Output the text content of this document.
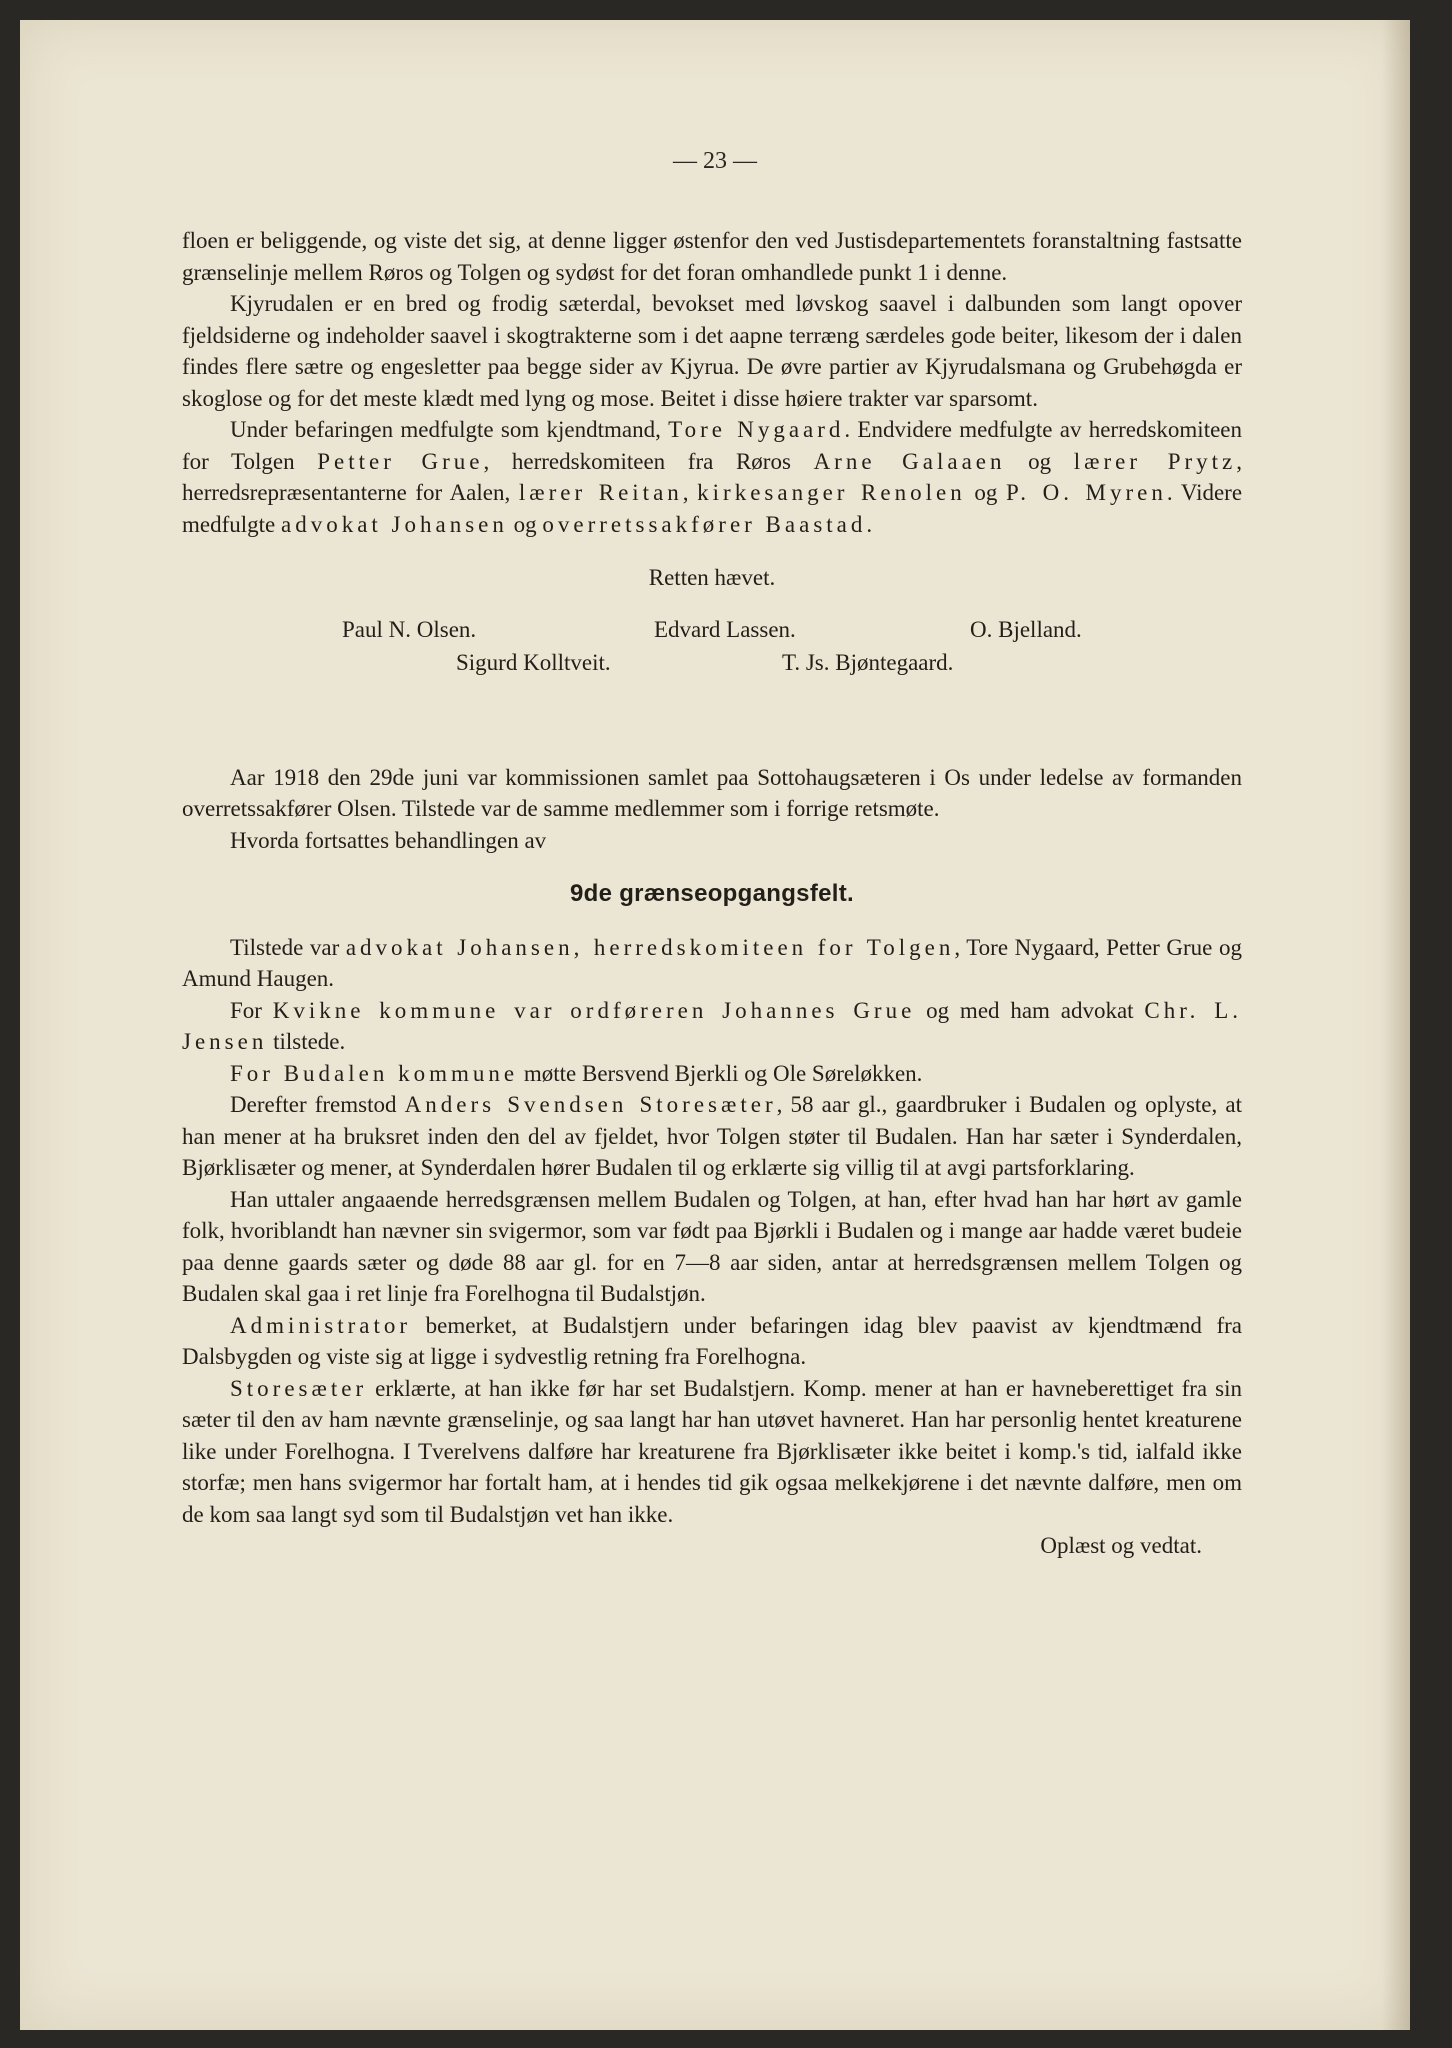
— 23 —

floen er beliggende, og viste det sig, at denne ligger østenfor den ved Justisdepartementets foranstaltning fastsatte grænselinje mellem Røros og Tolgen og sydøst for det foran omhandlede punkt 1 i denne.

Kjyrudalen er en bred og frodig sæterdal, bevokset med løvskog saavel i dalbunden som langt opover fjeldsiderne og indeholder saavel i skogtrakterne som i det aapne terræng særdeles gode beiter, likesom der i dalen findes flere sætre og engesletter paa begge sider av Kjyrua. De øvre partier av Kjyrudalsmana og Grubehøgda er skoglose og for det meste klædt med lyng og mose. Beitet i disse høiere trakter var sparsomt.

Under befaringen medfulgte som kjendtmand, Tore Nygaard. Endvidere medfulgte av herredskomiteen for Tolgen Petter Grue, herredskomiteen fra Røros Arne Galaaen og lærer Prytz, herredsrepræsentanterne for Aalen, lærer Reitan, kirkesanger Renolen og P. O. Myren. Videre medfulgte advokat Johansen og overretssakfører Baastad.

Retten hævet.

Paul N. Olsen.	Edvard Lassen.	O. Bjelland.
Sigurd Kolltveit.	T. Js. Bjøntegaard.

Aar 1918 den 29de juni var kommissionen samlet paa Sottohaugsæteren i Os under ledelse av formanden overretssakfører Olsen. Tilstede var de samme medlemmer som i forrige retsmøte.

Hvorda fortsattes behandlingen av

9de grænseopgangsfelt.

Tilstede var advokat Johansen, herredskomiteen for Tolgen, Tore Nygaard, Petter Grue og Amund Haugen.

For Kvikne kommune var ordføreren Johannes Grue og med ham advokat Chr. L. Jensen tilstede.

For Budalen kommune møtte Bersvend Bjerkli og Ole Søreløkken.

Derefter fremstod Anders Svendsen Storesæter, 58 aar gl., gaardbruker i Budalen og oplyste, at han mener at ha bruksret inden den del av fjeldet, hvor Tolgen støter til Budalen. Han har sæter i Synderdalen, Bjørklisæter og mener, at Synderdalen hører Budalen til og erklærte sig villig til at avgi partsforklaring.

Han uttaler angaaende herredsgrænsen mellem Budalen og Tolgen, at han, efter hvad han har hørt av gamle folk, hvoriblandt han nævner sin svigermor, som var født paa Bjørkli i Budalen og i mange aar hadde været budeie paa denne gaards sæter og døde 88 aar gl. for en 7—8 aar siden, antar at herredsgrænsen mellem Tolgen og Budalen skal gaa i ret linje fra Forelhogna til Budalstjøn.

Administrator bemerket, at Budalstjern under befaringen idag blev paavist av kjendtmænd fra Dalsbygden og viste sig at ligge i sydvestlig retning fra Forelhogna.

Storesæter erklærte, at han ikke før har set Budalstjern. Komp. mener at han er havneberettiget fra sin sæter til den av ham nævnte grænselinje, og saa langt har han utøvet havneret. Han har personlig hentet kreaturene like under Forelhogna. I Tverelvens dalføre har kreaturene fra Bjørklisæter ikke beitet i komp.'s tid, ialfald ikke storfæ; men hans svigermor har fortalt ham, at i hendes tid gik ogsaa melkekjørene i det nævnte dalføre, men om de kom saa langt syd som til Budalstjøn vet han ikke.

Oplæst og vedtat.
